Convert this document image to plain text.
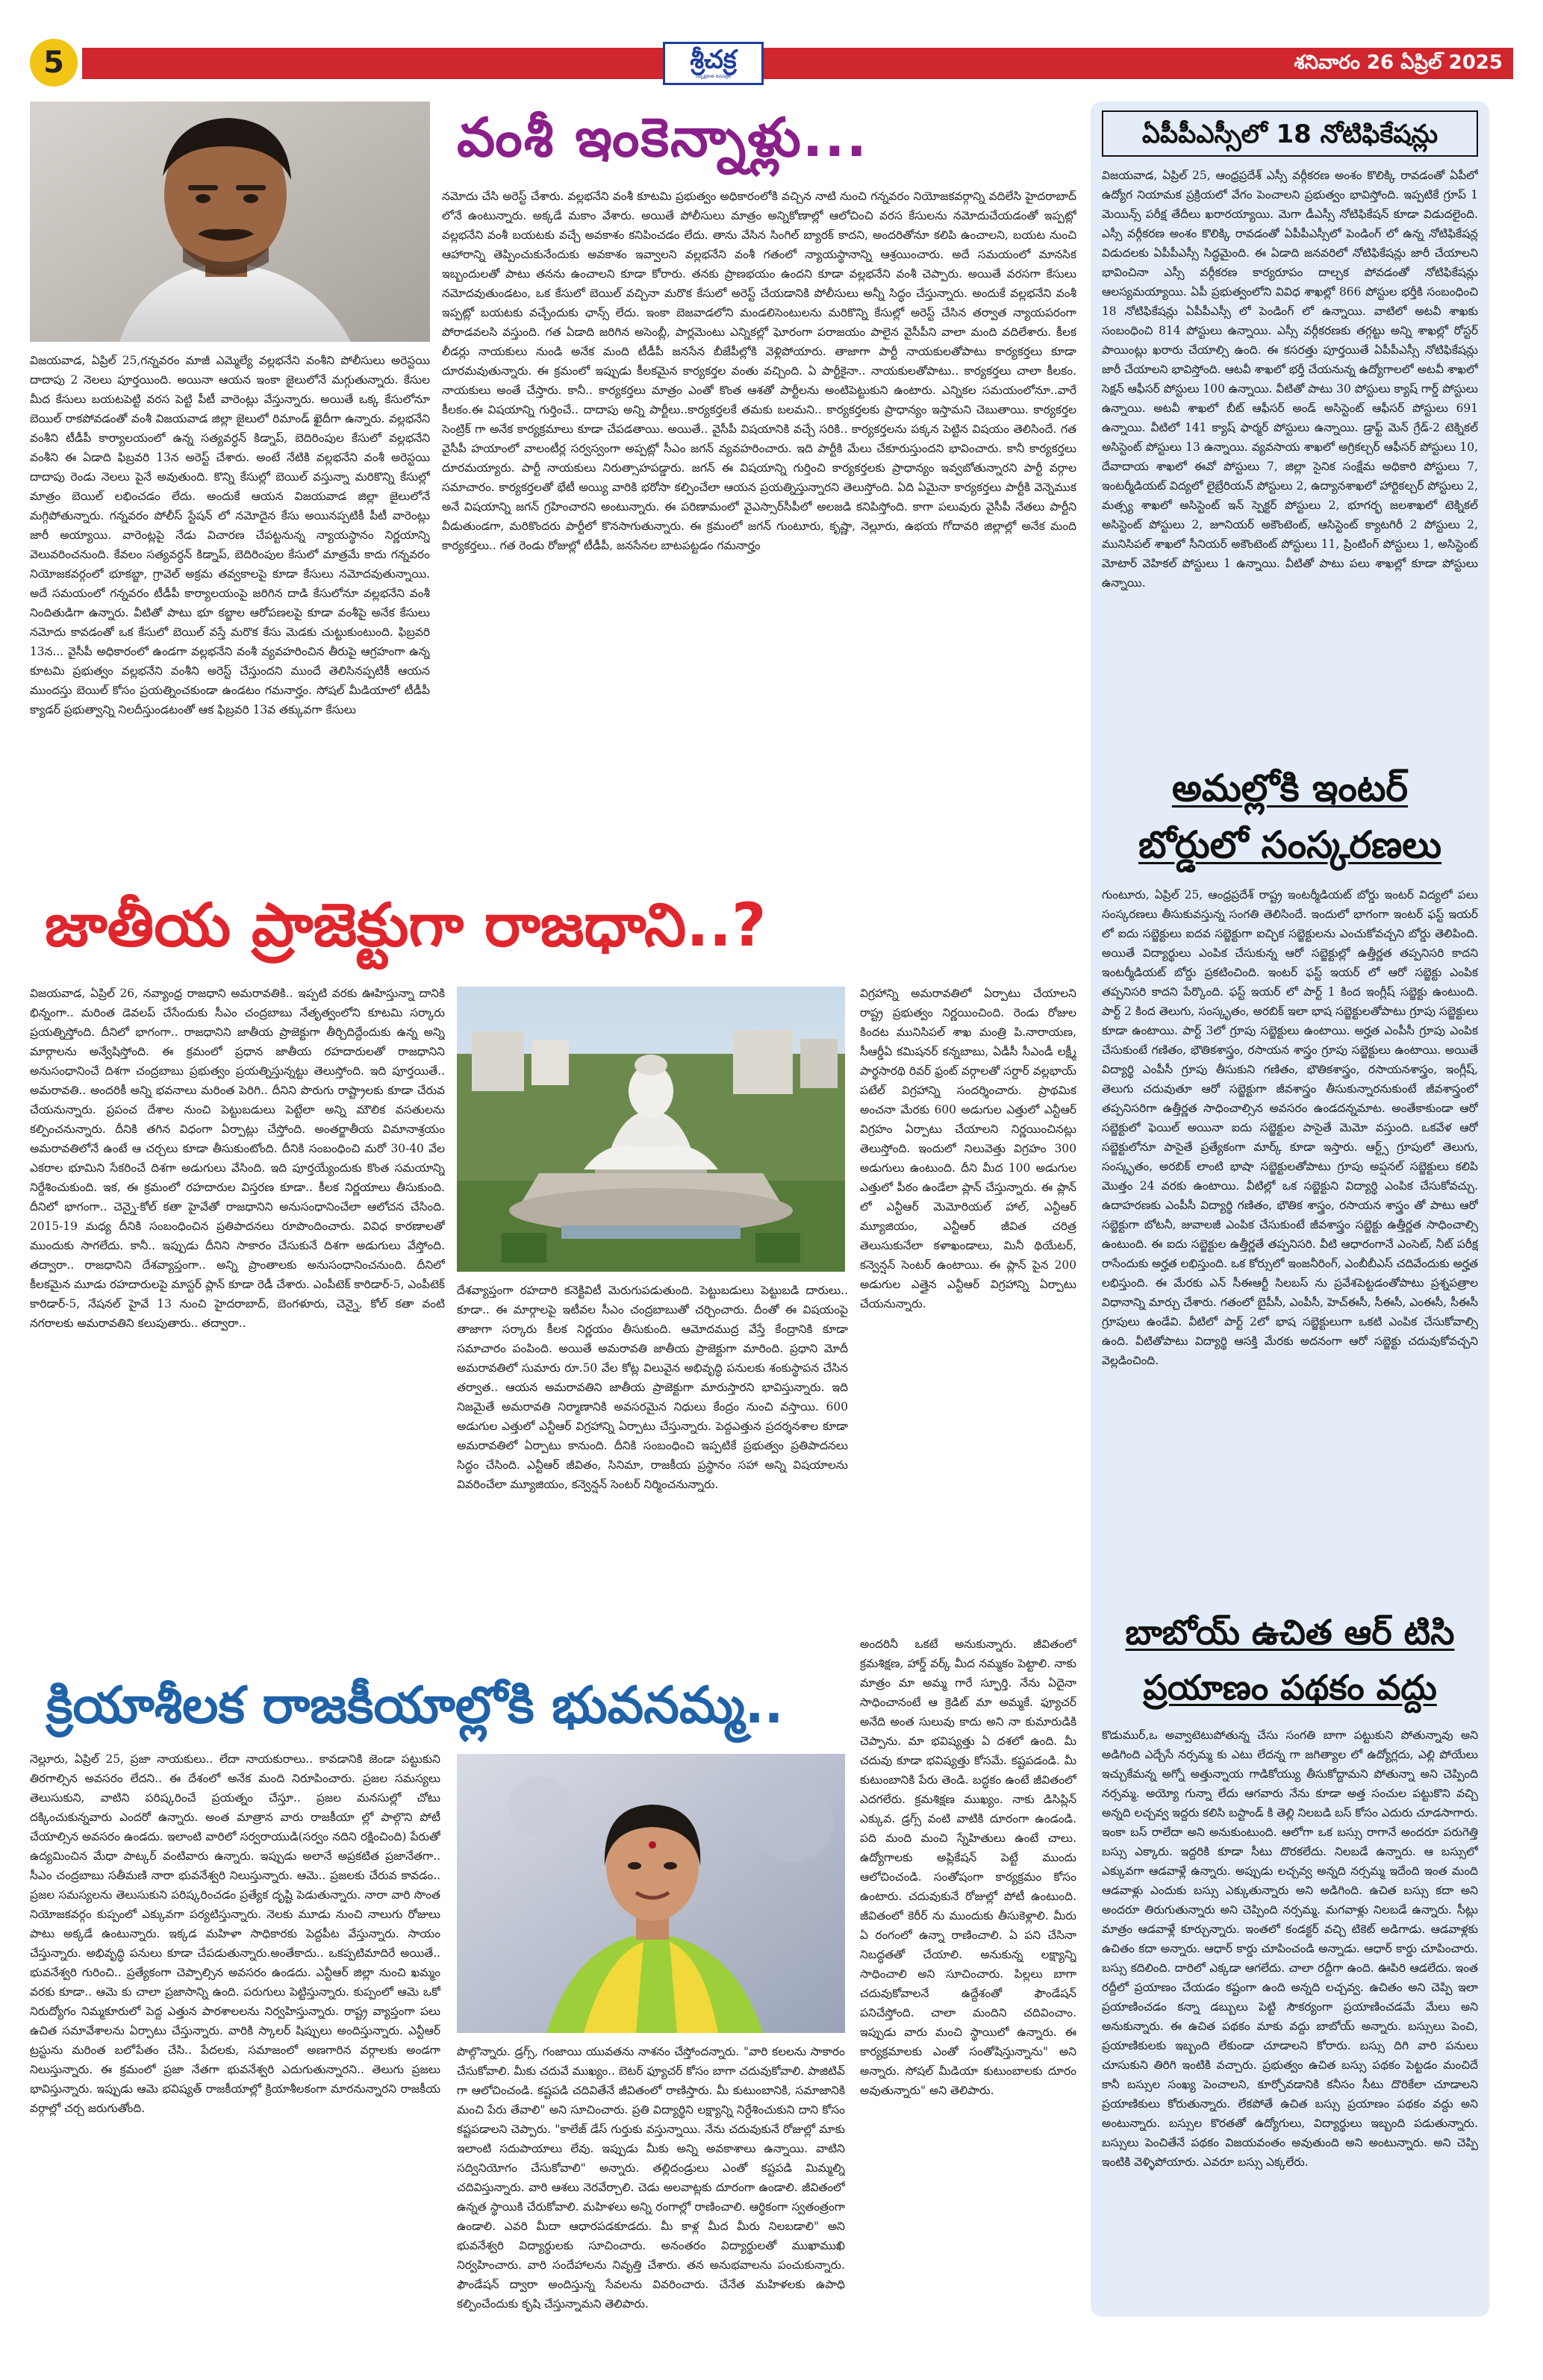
5	శ్రీచక్ర
నిష్పక్షపాత దినపత్రిక
శనివారం 26 ఏప్రిల్ 2025
వంశీ ఇంకెన్నాళ్లు...
విజయవాడ, ఏప్రిల్ 25,గన్నవరం మాజీ ఎమ్మెల్యే వల్లభనేని వంశీని పోలీసులు అరెస్టయి దాదాపు 2 నెలలు పూర్తయింది. అయినా ఆయన ఇంకా జైలులోనే మగ్గుతున్నారు. కేసుల మీద కేసులు బయటపెట్టి వరస పెట్టి పీటీ వారెంట్లు వేస్తున్నారు. అయితే ఒక్క కేసులోనూ బెయిల్ రాకపోవడంతో వంశీ విజయవాడ జిల్లా జైలులో రిమాండ్ ఖైదీగా ఉన్నారు. వల్లభనేని వంశీని టీడీపీ కార్యాలయంలో ఉన్న సత్యవర్ధన్ కిడ్నాప్, బెదిరింపుల కేసులో వల్లభనేని వంశీని ఈ ఏడాది ఫిబ్రవరి 13న అరెస్ట్ చేశారు. అంటే నేటికి వల్లభనేని వంశీ అరెస్టయి దాదాపు రెండు నెలలు పైనే అవుతుంది. కొన్ని కేసుల్లో బెయిల్ వస్తున్నా మరికొన్ని కేసుల్లో మాత్రం బెయిల్ లభించడం లేదు. అందుకే ఆయన విజయవాడ జిల్లా జైలులోనే మగ్గిపోతున్నారు. గన్నవరం పోలీస్ స్టేషన్ లో నమోదైన కేసు అయినప్పటికీ పీటీ వారెంట్లు జారీ అయ్యాయి. వారెంట్లపై నేడు విచారణ చేపట్టనున్న న్యాయస్థానం నిర్ణయాన్ని వెలువరించనుంది. కేవలం సత్యవర్ధన్ కిడ్నాప్, బెదిరింపుల కేసులో మాత్రమే కాదు గన్నవరం నియోజకవర్గంలో భూకబ్జా, గ్రావెల్ అక్రమ తవ్వకాలపై కూడా కేసులు నమోదవుతున్నాయి. అదే సమయంలో గన్నవరం టీడీపీ కార్యాలయంపై జరిగిన దాడి కేసులోనూ వల్లభనేని వంశీ నిందితుడిగా ఉన్నారు. వీటితో పాటు భూ కబ్జాల ఆరోపణలపై కూడా వంశీపై అనేక కేసులు నమోదు కావడంతో ఒక కేసులో బెయిల్ వస్తే మరొక కేసు మెడకు చుట్టుకుంటుంది. ఫిబ్రవరి 13న... వైసీపీ అధికారంలో ఉండగా వల్లభనేని వంశీ వ్యవహరించిన తీరుపై ఆగ్రహంగా ఉన్న కూటమి ప్రభుత్వం వల్లభనేని వంశీని అరెస్ట్ చేస్తుందని ముందే తెలిసినప్పటికీ ఆయన ముందస్తు బెయిల్ కోసం ప్రయత్నించకుండా ఉండటం గమనార్హం. సోషల్ మీడియాలో టీడీపీ క్యాడర్ ప్రభుత్వాన్ని నిలదీస్తుండటంతో ఆక ఫిబ్రవరి 13వ తక్కువగా కేసులు
నమోదు చేసి అరెస్ట్ చేశారు. వల్లభనేని వంశీ కూటమి ప్రభుత్వం అధికారంలోకి వచ్చిన నాటి నుంచి గన్నవరం నియోజకవర్గాన్ని వదిలేసి హైదరాబాద్ లోనే ఉంటున్నారు. అక్కడే మకాం వేశారు. అయితే పోలీసులు మాత్రం అన్నికోణాల్లో ఆలోచించి వరస కేసులను నమోదుచేయడంతో ఇప్పట్లో వల్లభనేని వంశీ బయటకు వచ్చే అవకాశం కనిపించడం లేదు. తాను వేసిన సింగిల్ బ్యారక్ కాదని, అందరితోనూ కలిపి ఉంచాలని, బయట నుంచి ఆహారాన్ని తెప్పించుకునేందుకు అవకాశం ఇవ్వాలని వల్లభనేని వంశీ గతంలో న్యాయస్థానాన్ని ఆశ్రయించారు. అదే సమయంలో మానసిక ఇబ్బందులతో పాటు తనను ఉంచాలని కూడా కోరారు. తనకు ప్రాణభయం ఉందని కూడా వల్లభనేని వంశీ చెప్పారు. అయితే వరసగా కేసులు నమోదవుతుండటం, ఒక కేసులో బెయిల్ వచ్చినా మరొక కేసులో అరెస్ట్ చేయడానికి పోలీసులు అన్నీ సిద్ధం చేస్తున్నారు. అందుకే వల్లభనేని వంశీ ఇప్పట్లో బయటకు వచ్చేందుకు ఛాన్స్ లేదు. ఇంకా బెజవాడలోని మండలిసెంటులను మరికొన్ని కేసుల్లో అరెస్ట్ చేసిన తర్వాత న్యాయపరంగా పోరాడవలసి వస్తుంది. గత ఏడాది జరిగిన అసెంబ్లీ, పార్లమెంటు ఎన్నికల్లో ఘోరంగా పరాజయం పాలైన వైసీపీని వాలా మంది వదిలేశారు. కీలక లీడర్లు నాయకులు నుండి అనేక మంది టీడీపీ జనసేన బీజేపీల్లోకి వెళ్లిపోయారు. తాజాగా పార్టీ నాయకులతోపాటు కార్యకర్తలు కూడా దూరమవుతున్నారు. ఈ క్రమంలో ఇప్పుడు కీలకమైన కార్యకర్తల వంతు వచ్చింది. ఏ పార్టీకైనా.. నాయకులతోపాటు.. కార్యకర్తలు చాలా కీలకం. నాయకులు అంతే చేస్తారు. కానీ.. కార్యకర్తలు మాత్రం ఎంతో కొంత ఆశతో పార్టీలను అంటిపెట్టుకుని ఉంటారు. ఎన్నికల సమయంలోనూ..వారే కీలకం.ఈ విషయాన్ని గుర్తించే.. దాదాపు అన్ని పార్టీలు..కార్యకర్తలకే తమకు బలమని.. కార్యకర్తలకు ప్రాధాన్యం ఇస్తామని చెబుతాయి. కార్యకర్తల సెంట్రిక్ గా అనేక కార్యక్రమాలు కూడా చేపడతాయి. అయితే.. వైసీపీ విషయానికి వచ్చే సరికి.. కార్యకర్తలను పక్కన పెట్టిన విషయం తెలిసిందే. గత వైసీపీ హయాంలో వాలంటీర్ల సర్వస్వంగా అప్పట్లో సీఎం జగన్ వ్యవహరించారు. ఇది పార్టీకి మేలు చేకూరుస్తుందని భావించారు. కానీ కార్యకర్తలు దూరమయ్యారు. పార్టీ నాయకులు నిరుత్సాహపడ్డారు. జగన్ ఈ విషయాన్ని గుర్తించి కార్యకర్తలకు ప్రాధాన్యం ఇవ్వబోతున్నారని పార్టీ వర్గాల సమాచారం. కార్యకర్తలతో భేటీ అయ్యి వారికి భరోసా కల్పించేలా ఆయన ప్రయత్నిస్తున్నారని తెలుస్తోంది. ఏది ఏమైనా కార్యకర్తలు పార్టీకి వెన్నెముక అనే విషయాన్ని జగన్ గ్రహించారని అంటున్నారు. ఈ పరిణామంలో వైఎస్సార్‌సీపీలో అలజడి కనిపిస్తోంది. కాగా పలువురు వైసీపీ నేతలు పార్టీని వీడుతుండగా, మరికొందరు పార్టీలో కొనసాగుతున్నారు. ఈ క్రమంలో జగన్ గుంటూరు, కృష్ణా, నెల్లూరు, ఉభయ గోదావరి జిల్లాల్లో అనేక మంది కార్యకర్తలు.. గత రెండు రోజుల్లో టీడీపీ, జనసేనల బాటపట్టడం గమనార్హం
జాతీయ ప్రాజెక్టుగా రాజధాని..?
విజయవాడ, ఏప్రిల్ 26, నవ్యాంధ్ర రాజధాని అమరావతికి.. ఇప్పటి వరకు ఊహిస్తున్నా దానికి భిన్నంగా.. మరింత డెవలప్ చేసేందుకు సీఎం చంద్రబాబు నేతృత్వంలోని కూటమి సర్కారు ప్రయత్నిస్తోంది. దీనిలో భాగంగా.. రాజధానిని జాతీయ ప్రాజెక్టుగా తీర్చిదిద్దేందుకు ఉన్న అన్ని మార్గాలను అన్వేషిస్తోంది. ఈ క్రమంలో ప్రధాన జాతీయ రహదారులతో రాజధానిని అనుసంధానించే దిశగా చంద్రబాబు ప్రభుత్వం ప్రయత్నిస్తున్నట్టు తెలుస్తోంది. ఇది పూర్తయితే.. అమరావతి.. అందరికీ అన్ని భవనాలు మరింత పెరిగి.. దీనిని పొరుగు రాష్ట్రాలకు కూడా చేరువ చేయనున్నారు. ప్రపంచ దేశాల నుంచి పెట్టుబడులు పెట్టేలా అన్ని మౌలిక వసతులను కల్పించనున్నారు. దీనికి తగిన విధంగా ఏర్పాట్లు చేస్తోంది. అంతర్జాతీయ విమానాశ్రయం అమరావతిలోనే ఉంటే ఆ చర్చలు కూడా తీసుకుంటోంది. దీనికి సంబంధించి మరో 30-40 వేల ఎకరాల భూమిని సేకరించే దిశగా అడుగులు వేసింది. ఇది పూర్తయ్యేందుకు కొంత సమయాన్ని నిర్దేశించుకుంది. ఇక, ఈ క్రమంలో రహదారుల విస్తరణ కూడా.. కీలక నిర్ణయాలు తీసుకుంది. దీనిలో భాగంగా.. చెన్నై-కోల్ కతా హైవేతో రాజధానిని అనుసంధానించేలా ఆలోచన చేసింది. 2015-19 మధ్య దీనికి సంబంధించిన ప్రతిపాదనలు రూపొందించారు. వివిధ కారణాలతో ముందుకు సాగలేదు. కానీ.. ఇప్పుడు దీనిని సాకారం చేసుకునే దిశగా అడుగులు వేస్తోంది. తద్వారా.. రాజధానిని దేశవ్యాప్తంగా.. అన్ని ప్రాంతాలకు అనుసంధానించనుంది. దీనిలో కీలకమైన మూడు రహదారులపై మాస్టర్ ప్లాన్ కూడా రెడీ చేశారు. ఎంపీటెక్ కారిడార్-5, ఎంపీటెక్ కారిడార్-5, నేషనల్ హైవే 13 నుంచి హైదరాబాద్, బెంగళూరు, చెన్నై, కోల్ కతా వంటి నగరాలకు అమరావతిని కలుపుతారు.. తద్వారా..
దేశవ్యాప్తంగా రహదారి కనెక్టివిటీ మెరుగుపడుతుంది. పెట్టుబడులు పెట్టుబడి దారులు.. కూడా.. ఈ మార్గాలపై ఇటీవల సీఎం చంద్రబాబుతో చర్చించారు. దీంతో ఈ విషయంపై తాజాగా సర్కారు కీలక నిర్ణయం తీసుకుంది. ఆమోదముద్ర వేస్తే కేంద్రానికి కూడా సమాచారం పంపింది. అయితే అమరావతి జాతీయ ప్రాజెక్టుగా మారింది. ప్రధాని మోదీ అమరావతిలో సుమారు రూ.50 వేల కోట్ల విలువైన అభివృద్ధి పనులకు శంకుస్థాపన చేసిన తర్వాత.. ఆయన అమరావతిని జాతీయ ప్రాజెక్టుగా మారుస్తారని భావిస్తున్నారు. ఇది నిజమైతే అమరావతి నిర్మాణానికి అవసరమైన నిధులు కేంద్రం నుంచి వస్తాయి. 600 అడుగుల ఎత్తులో ఎన్టీఆర్ విగ్రహాన్ని ఏర్పాటు చేస్తున్నారు. పెద్దఎత్తున ప్రదర్శనశాల కూడా అమరావతిలో ఏర్పాటు కానుంది. దీనికి సంబంధించి ఇప్పటికే ప్రభుత్వం ప్రతిపాదనలు సిద్ధం చేసింది. ఎన్టీఆర్ జీవితం, సినిమా, రాజకీయ ప్రస్థానం సహా అన్ని విషయాలను వివరించేలా మ్యూజియం, కన్వెన్షన్ సెంటర్ నిర్మించనున్నారు.
విగ్రహాన్ని అమరావతిలో ఏర్పాటు చేయాలని రాష్ట్ర ప్రభుత్వం నిర్ణయించింది. రెండు రోజుల కిందట మునిసిపల్ శాఖ మంత్రి పి.నారాయణ, సీఆర్డీఏ కమిషనర్ కన్నబాబు, ఏడీసీ సీఎండీ లక్ష్మీ పార్థసారథి రివర్ ఫ్రంట్ వర్గాలతో సర్దార్ వల్లభాయ్ పటేల్ విగ్రహాన్ని సందర్శించారు. ప్రాథమిక అంచనా మేరకు 600 అడుగుల ఎత్తులో ఎన్టీఆర్ విగ్రహం ఏర్పాటు చేయాలని నిర్ణయించినట్లు తెలుస్తోంది. ఇందులో నిలువెత్తు విగ్రహం 300 అడుగులు ఉంటుంది. దీని మీద 100 అడుగుల ఎత్తులో పీఠం ఉండేలా ప్లాన్ చేస్తున్నారు. ఈ ప్లాన్ లో ఎన్టీఆర్ మెమోరియల్ హాల్, ఎన్టీఆర్ మ్యూజియం, ఎన్టీఆర్ జీవిత చరిత్ర తెలుసుకునేలా కళాఖండాలు, మినీ థియేటర్, కన్వెన్షన్ సెంటర్ ఉంటాయి. ఈ ప్లాన్ పైన 200 అడుగుల ఎత్తైన ఎన్టీఆర్ విగ్రహాన్ని ఏర్పాటు చేయనున్నారు.
క్రియాశీలక రాజకీయాల్లోకి భువనమ్మ..
నెల్లూరు, ఏప్రిల్ 25, ప్రజా నాయకులు.. లేదా నాయకురాలు.. కావడానికి జెండా పట్టుకుని తిరగాల్సిన అవసరం లేదని.. ఈ దేశంలో అనేక మంది నిరూపించారు. ప్రజల సమస్యలు తెలుసుకుని, వాటిని పరిష్కరించే ప్రయత్నం చేస్తూ.. ప్రజల మనసుల్లో చోటు దక్కించుకున్నవారు ఎందరో ఉన్నారు. అంత మాత్రాన వారు రాజకీయా ల్లో పాల్గొని పోటీ చేయాల్సిన అవసరం ఉండదు. ఇలాంటి వారిలో సర్వరాయుడి(సర్వం నదిని రక్షించింది) పేరుతో ఉద్యమించిన మేధా పాట్కర్ వంటివారు ఉన్నారు. ఇప్పుడు అలానే అప్రకటిత ప్రజానేతగా.. సీఎం చంద్రబాబు సతీమణి నారా భువనేశ్వరి నిలుస్తున్నారు. ఆమె.. ప్రజలకు చేరువ కావడం.. ప్రజల సమస్యలను తెలుసుకుని పరిష్కరించడం ప్రత్యేక దృష్టి పెడుతున్నారు. నారా వారి సొంత నియోజకవర్గం కుప్పంలో ఎక్కువగా పర్యటిస్తున్నారు. నెలకు మూడు నుంచి నాలుగు రోజులు పాటు అక్కడే ఉంటున్నారు. ఇక్కడ మహిళా సాధికారకు పెద్దపీట వేస్తున్నారు. సాయం చేస్తున్నారు. అభివృద్ధి పనులు కూడా చేపడుతున్నారు.అంతేకాదు.. ఒకప్పటిమాదిరే అయితే.. భువనేశ్వరి గురించి.. ప్రత్యేకంగా చెప్పాల్సిన అవసరం ఉండదు. ఎన్టీఆర్ జిల్లా నుంచి ఖమ్మం వరకు కూడా.. ఆమె కు చాలా ప్రజాసాన్ని ఉంది. పరుగులు పెట్టిస్తున్నారు. కుప్పంలో ఆమె ఒకో నిరుద్యోగం నిమ్మకూరులో పెద్ద ఎత్తున పారశాలలను నిర్వహిస్తున్నారు. రాష్ట్ర వ్యాప్తంగా పలు ఉచిత సమావేశాలను ఏర్పాటు చేస్తున్నారు. వారికి స్కాలర్ షిప్పులు అందిస్తున్నారు. ఎన్టీఆర్ ట్రస్టును మరింత బలోపేతం చేసి.. పేదలకు, సమాజంలో అణగారిన వర్గాలకు అండగా నిలుస్తున్నారు. ఈ క్రమంలో ప్రజా నేతగా భువనేశ్వరి ఎదుగుతున్నారని.. తెలుగు ప్రజలు భావిస్తున్నారు. ఇప్పుడు ఆమె భవిష్యత్ రాజకీయాల్లో క్రియాశీలకంగా మారనున్నారని రాజకీయ వర్గాల్లో చర్చ జరుగుతోంది.
పొల్గొన్నారు. డ్రగ్స్, గంజాయి యువతను నాశనం చేస్తోందన్నారు. "వారి కలలను సాకారం చేసుకోవాలి. మీకు చదువే ముఖ్యం.. బెటర్ ఫ్యూచర్ కోసం బాగా చదువుకోవాలి. పాజిటివ్ గా ఆలోచించండి. కష్టపడి చదివితేనే జీవితంలో రాణిస్తారు. మీ కుటుంబానికి, సమాజానికి మంచి పేరు తేవాలి" అని సూచించారు. ప్రతి విద్యార్థిని లక్ష్యాన్ని నిర్దేశించుకుని దాని కోసం కష్టపడాలని చెప్పారు. "కాలేజ్ డేస్ గుర్తుకు వస్తున్నాయి. నేను చదువుకునే రోజుల్లో మాకు ఇలాంటి సదుపాయాలు లేవు. ఇప్పుడు మీకు అన్ని అవకాశాలు ఉన్నాయి. వాటిని సద్వినియోగం చేసుకోవాలి" అన్నారు. తల్లిదండ్రులు ఎంతో కష్టపడి మిమ్మల్ని చదివిస్తున్నారు. వారి ఆశలు నెరవేర్చాలి. చెడు అలవాట్లకు దూరంగా ఉండాలి. జీవితంలో ఉన్నత స్థాయికి చేరుకోవాలి. మహిళలు అన్ని రంగాల్లో రాణించాలి. ఆర్థికంగా స్వతంత్రంగా ఉండాలి. ఎవరి మీదా ఆధారపడకూడదు. మీ కాళ్ల మీద మీరు నిలబడాలి" అని భువనేశ్వరి విద్యార్థులకు సూచించారు. అనంతరం విద్యార్థులతో ముఖాముఖి నిర్వహించారు. వారి సందేహాలను నివృత్తి చేశారు. తన అనుభవాలను పంచుకున్నారు. ఫౌండేషన్ ద్వారా అందిస్తున్న సేవలను వివరించారు. చేనేత మహిళలకు ఉపాధి కల్పించేందుకు కృషి చేస్తున్నామని తెలిపారు.
అందరినీ ఒకటే అనుకున్నారు. జీవితంలో క్రమశిక్షణ, హార్డ్ వర్క్ మీద నమ్మకం పెట్టాలి. నాకు మాత్రం మా అమ్మ గారే స్ఫూర్తి. నేను ఏదైనా సాధించానంటే ఆ క్రెడిట్ మా అమ్మకే. ఫ్యూచర్ అనేది అంత సులువు కాదు అని నా కుమారుడికి చెప్పాను. మా భవిష్యత్తు ఏ దశలో ఉంది. మీ చదువు కూడా భవిష్యత్తు కోసమే. కష్టపడండి. మీ కుటుంబానికి పేరు తెండి. బద్ధకం ఉంటే జీవితంలో ఎదగలేరు. క్రమశిక్షణ ముఖ్యం. నాకు డిసిప్లిన్ ఎక్కువ. డ్రగ్స్ వంటి వాటికి దూరంగా ఉండండి. పది మంది మంచి స్నేహితులు ఉంటే చాలు. ఉద్యోగాలకు అప్లికేషన్ పెట్టే ముందు ఆలోచించండి. సంతోషంగా కార్యక్రమం కోసం ఉంటారు. చదువుకునే రోజుల్లో పోటీ ఉంటుంది. జీవితంలో కెరీర్ ను ముందుకు తీసుకెళ్లాలి. మీరు ఏ రంగంలో ఉన్నా రాణించాలి. ఏ పని చేసినా నిబద్ధతతో చేయాలి. అనుకున్న లక్ష్యాన్ని సాధించాలి అని సూచించారు. పిల్లలు బాగా చదువుకోవాలనే ఉద్దేశంతో ఫౌండేషన్ పనిచేస్తోంది. చాలా మందిని చదివించాం. ఇప్పుడు వారు మంచి స్థాయిలో ఉన్నారు. ఈ కార్యక్రమాలకు ఎంతో సంతోషిస్తున్నాను" అని అన్నారు. సోషల్ మీడియా కుటుంబాలకు దూరం అవుతున్నారు" అని తెలిపారు.
ఏపీపీఎస్సీలో 18 నోటిఫికేషన్లు
విజయవాడ, ఏప్రిల్ 25, ఆంధ్రప్రదేశ్ ఎస్సీ వర్గీకరణ అంశం కొలిక్కి రావడంతో ఏపీలో ఉద్యోగ నియామక ప్రక్రియలో వేగం పెంచాలని ప్రభుత్వం భావిస్తోంది. ఇప్పటికే గ్రూప్ 1 మెయిన్స్ పరీక్ష తేదీలు ఖరారయ్యాయి. మెగా డీఎస్సీ నోటిఫికేషన్ కూడా విడుదలైంది. ఎస్సీ వర్గీకరణ అంశం కొలిక్కి రావడంతో ఏపీపీఎస్సీలో పెండింగ్ లో ఉన్న నోటిఫికేషన్ల విడుదలకు ఏపీపీఎస్సీ సిద్ధమైంది. ఈ ఏడాది జనవరిలో నోటిఫికేషన్లు జారీ చేయాలని భావించినా ఎస్సీ వర్గీకరణ కార్యరూపం దాల్చక పోవడంతో నోటిఫికేషన్లు ఆలస్యమయ్యాయి. ఏపీ ప్రభుత్వంలోని వివిధ శాఖల్లో 866 పోస్టుల భర్తీకి సంబంధించి 18 నోటిఫికేషన్లు ఏపీపీఎస్సీ లో పెండింగ్ లో ఉన్నాయి. వాటిలో అటవీ శాఖకు సంబంధించి 814 పోస్టులు ఉన్నాయి. ఎస్సీ వర్గీకరణకు తగ్గట్టు అన్ని శాఖల్లో రోస్టర్ పాయింట్లు ఖరారు చేయాల్సి ఉంది. ఈ కసరత్తు పూర్తయితే ఏపీపీఎస్సీ నోటిఫికేషన్లు జారీ చేయాలని భావిస్తోంది. ఆటవీ శాఖలో భర్తీ చేయనున్న ఉద్యోగాలలో అటవీ శాఖలో సెక్షన్ ఆఫీసర్ పోస్టులు 100 ఉన్నాయి. వీటితో పాటు 30 పోస్టులు క్యాష్ గార్డ్ పోస్టులు ఉన్నాయి. అటవీ శాఖలో బీట్ ఆఫీసర్ అండ్ అసిస్టెంట్ ఆఫీసర్ పోస్టులు 691 ఉన్నాయి. వీటిలో 141 క్యాష్ ఫార్మర్ పోస్టులు ఉన్నాయి. డ్రాఫ్ట్ మెన్ గ్రేడ్-2 టెక్నికల్ అసిస్టెంట్ పోస్టులు 13 ఉన్నాయి. వ్యవసాయ శాఖలో అగ్రికల్చర్ ఆఫీసర్ పోస్టులు 10, దేవాదాయ శాఖలో ఈవో పోస్టులు 7, జిల్లా సైనిక సంక్షేమ అధికారి పోస్టులు 7, ఇంటర్మీడియట్ విద్యలో లైబ్రేరియన్ పోస్టులు 2, ఉద్యానశాఖలో హార్టికల్చర్ పోస్టులు 2, మత్స్య శాఖలో అసిస్టెంట్ ఇన్ స్పెక్టర్ పోస్టులు 2, భూగర్భ జలశాఖలో టెక్నికల్ అసిస్టెంట్ పోస్టులు 2, జూనియర్ అకౌంటెంట్, ఆసిస్టెంట్ క్యాటగిరీ 2 పోస్టులు 2, మునిసిపల్ శాఖలో సీనియర్ అకౌంటెంట్ పోస్టులు 11, ప్రింటింగ్ పోస్టులు 1, అసిస్టెంట్ మోటార్ వెహికల్ పోస్టులు 1 ఉన్నాయి. వీటితో పాటు పలు శాఖల్లో కూడా పోస్టులు ఉన్నాయి.
అమల్లోకి ఇంటర్
బోర్డులో సంస్కరణలు
గుంటూరు, ఏప్రిల్ 25, ఆంధ్రప్రదేశ్ రాష్ట్ర ఇంటర్మీడియట్ బోర్డు ఇంటర్ విద్యలో పలు సంస్కరణలు తీసుకువస్తున్న సంగతి తెలిసిందే. ఇందులో భాగంగా ఇంటర్ ఫస్ట్ ఇయర్ లో ఐదు సబ్జెక్టులు ఐదవ సబ్జెక్టుగా ఐచ్ఛిక సబ్జెక్టులను ఎంచుకోవచ్చని బోర్డు తెలిపింది. అయితే విద్యార్థులు ఎంపిక చేసుకున్న ఆరో సబ్జెక్టుల్లో ఉత్తీర్ణత తప్పనిసరి కాదని ఇంటర్మీడియట్ బోర్డు ప్రకటించింది. ఇంటర్ ఫస్ట్ ఇయర్ లో ఆరో సబ్జెక్టు ఎంపిక తప్పనిసరి కాదని పేర్కొంది. ఫస్ట్ ఇయర్ లో పార్ట్ 1 కింద ఇంగ్లీష్ సబ్జెక్టు ఉంటుంది. పార్ట్ 2 కింద తెలుగు, సంస్కృతం, అరబిక్ ఇలా భాష సబ్జెక్టులతోపాటు గ్రూపు సబ్జెక్టులు కూడా ఉంటాయి. పార్ట్ 3లో గ్రూపు సబ్జెక్టులు ఉంటాయి. అర్హత ఎంపీసీ గ్రూపు ఎంపిక చేసుకుంటే గణితం, భౌతికశాస్త్రం, రసాయన శాస్త్రం గ్రూపు సబ్జెక్టులు ఉంటాయి. అయితే విద్యార్థి ఎంపీసీ గ్రూపు తీసుకుని గణితం, భౌతికశాస్త్రం, రసాయనశాస్త్రం, ఇంగ్లీష్, తెలుగు చదువుతూ ఆరో సబ్జెక్టుగా జీవశాస్త్రం తీసుకున్నారనుకుంటే జీవశాస్త్రంలో తప్పనిసరిగా ఉత్తీర్ణత సాధించాల్సిన అవసరం ఉండదన్నమాట. అంతేకాకుండా ఆరో సబ్జెక్టులో ఫెయిల్ అయినా ఐదు సబ్జెక్టుల పాసైతే మెమో వస్తుంది. ఒకవేళ ఆరో సబ్జెక్టులోనూ పాసైతే ప్రత్యేకంగా మార్క్ కూడా ఇస్తారు. ఆర్ట్స్ గ్రూపులో తెలుగు, సంస్కృతం, అరబిక్ లాంటి భాషా సబ్జెక్టులతోపాటు గ్రూపు అప్షనల్ సబ్జెక్టులు కలిపి మొత్తం 24 వరకు ఉంటాయి. వీటిల్లో ఒక సబ్జెక్టుని విద్యార్థి ఎంపిక చేసుకోవచ్చు. ఉదాహరణకు ఎంపీసీ విద్యార్థి గణితం, భౌతిక శాస్త్రం, రసాయన శాస్త్రం తో పాటు ఆరో సబ్జెక్టుగా బోటనీ, జువాలజీ ఎంపిక చేసుకుంటే జీవశాస్త్రం సబ్జెక్టు ఉత్తీర్ణత సాధించాల్సి ఉంటుంది. ఈ ఐదు సబ్జెక్టుల ఉత్తీర్ణతే తప్పనిసరి. వీటి ఆధారంగానే ఎంసెట్, నీట్ పరీక్ష రాసేందుకు అర్హత లభిస్తుంది. ఒక కోర్సులో ఇంజనీరింగ్, ఎంబీబీఎస్ చదివేందుకు అర్హత లభిస్తుంది. ఈ మేరకు ఎన్ సీఈఆర్టీ సిలబస్ ను ప్రవేశపెట్టడంతోపాటు ప్రశ్నపత్రాల విధానాన్ని మార్చు చేశారు. గతంలో బైపీసీ, ఎంపీసీ, హెచ్ఈసీ, సీఈసీ, ఎంఈసీ, సీఈసీ గ్రూపులు ఉండేవి. వీటిలో పార్ట్ 2లో భాష సబ్జెక్టులుగా ఒకటి ఎంపిక చేసుకోవాల్సి ఉంది. వీటితోపాటు విద్యార్థి ఆసక్తి మేరకు అదనంగా ఆరో సబ్జెక్టు చదువుకోవచ్చని వెల్లడించింది.
బాబోయ్ ఉచిత ఆర్ టిసి
ప్రయాణం పథకం వద్దు
కొడుముర్,ఒ అవ్వాటెటుపోతున్న చేసు సంగతి బాగా పట్టుకుని పోతున్నావు అని అడిగింది ఎద్చేసే నర్సమ్మ కు ఎటు లేదన్న గా జగిత్యాల లో ఉద్యోగ్లదు, ఎల్లి పోయేలు ఇచ్చుకేమన్న అగ్నో అత్తున్నాయ గాడికోయ్యు తీసుకోద్దామని పోతున్నా అని చెప్పింది నర్సమ్మ. అయ్యో గున్నా లేదు ఆగవారు నేను కూడా అత్త సంచుల పట్టుకొని వచ్చి అన్నది లచ్చవ్వ ఇద్దరు కలిసి బస్టాండ్ కి తెల్లి నిలబడి బస్ కోసం ఎదురు చూడసాగారు. ఇంకా బస్ రాలేదా అని అనుకుంటుంది. ఆలోగా ఒక బస్సు రాగానే అందరూ పరుగెత్తి బస్సు ఎక్కారు. ఇద్దరికి కూడా సీటు దొరకలేదు. నిలబడే ఉన్నారు. ఆ బస్సులో ఎక్కువగా ఆడవాళ్లే ఉన్నారు. అప్పుడు లచ్చవ్వ అన్నది నర్సమ్మ ఇదేంది ఇంత మంది ఆడవాళ్లు ఎందుకు బస్సు ఎక్కుతున్నారు అని అడిగింది. ఉచిత బస్సు కదా అని అందరూ తిరుగుతున్నారు అని చెప్పింది నర్సమ్మ. మగవాళ్లు నిలబడే ఉన్నారు. సీట్లు మాత్రం ఆడవాళ్లే కూర్చున్నారు. ఇంతలో కండక్టర్ వచ్చి టికెట్ అడిగాడు. ఆడవాళ్లకు ఉచితం కదా అన్నారు. ఆధార్ కార్డు చూపించండి అన్నాడు. ఆధార్ కార్డు చూపించారు. బస్సు కదిలింది. దారిలో ఎక్కడా ఆగలేదు. చాలా రద్దీగా ఉంది. ఊపిరి ఆడలేదు. ఇంత రద్దీలో ప్రయాణం చేయడం కష్టంగా ఉంది అన్నది లచ్చవ్వ. ఉచితం అని చెప్పి ఇలా ప్రయాణించడం కన్నా డబ్బులు పెట్టి సౌకర్యంగా ప్రయాణించడమే మేలు అని అనుకున్నారు. ఈ ఉచిత పథకం మాకు వద్దు బాబోయ్ అన్నారు. బస్సులు పెంచి, ప్రయాణికులకు ఇబ్బంది లేకుండా చూడాలని కోరారు. బస్సు దిగి వారి పనులు చూసుకుని తిరిగి ఇంటికి వచ్చారు. ప్రభుత్వం ఉచిత బస్సు పథకం పెట్టడం మంచిదే కానీ బస్సుల సంఖ్య పెంచాలని, కూర్చోవడానికి కనీసం సీటు దొరికేలా చూడాలని ప్రయాణికులు కోరుతున్నారు. లేకపోతే ఉచిత బస్సు ప్రయాణం పథకం వద్దు అని అంటున్నారు. బస్సుల కొరతతో ఉద్యోగులు, విద్యార్థులు ఇబ్బంది పడుతున్నారు. బస్సులు పెంచితేనే పథకం విజయవంతం అవుతుంది అని అంటున్నారు. అని చెప్పి ఇంటికి వెళ్ళిపోయారు. ఎవరూ బస్సు ఎక్కలేరు.
